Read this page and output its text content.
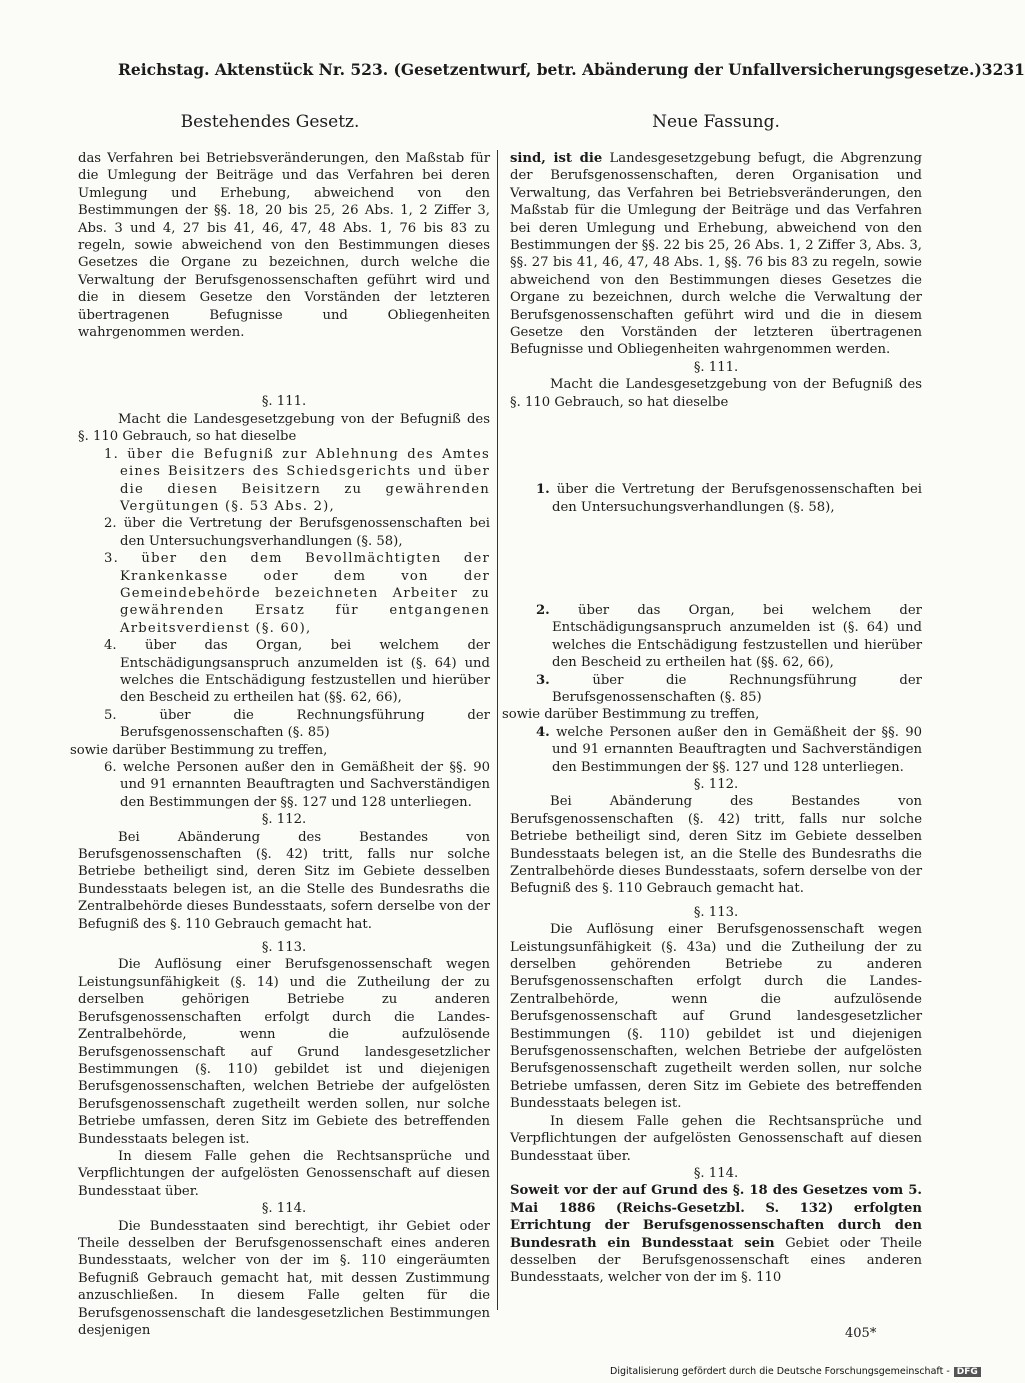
Reichstag. Aktenstück Nr. 523. (Gesetzentwurf, betr. Abänderung der Unfallversicherungsgesetze.) 3231
Bestehendes Gesetz.	Neue Fassung.

das Verfahren bei Betriebsveränderungen, den Maßstab für die Umlegung der Beiträge und das Verfahren bei deren Umlegung und Erhebung, abweichend von den Bestimmungen der §§. 18, 20 bis 25, 26 Abs. 1, 2 Ziffer 3, Abs. 3 und 4, 27 bis 41, 46, 47, 48 Abs. 1, 76 bis 83 zu regeln, sowie abweichend von den Bestimmungen dieses Gesetzes die Organe zu bezeichnen, durch welche die Verwaltung der Berufsgenossenschaften geführt wird und die in diesem Gesetze den Vorständen der letzteren übertragenen Befugnisse und Obliegenheiten wahrgenommen werden.

§. 111.

Macht die Landesgesetzgebung von der Befugniß des §. 110 Gebrauch, so hat dieselbe

1. über die Befugniß zur Ablehnung des Amtes eines Beisitzers des Schiedsgerichts und über die diesen Beisitzern zu gewährenden Vergütungen (§. 53 Abs. 2),

2. über die Vertretung der Berufsgenossenschaften bei den Untersuchungsverhandlungen (§. 58),

3. über den dem Bevollmächtigten der Krankenkasse oder dem von der Gemeindebehörde bezeichneten Arbeiter zu gewährenden Ersatz für entgangenen Arbeitsverdienst (§. 60),

4. über das Organ, bei welchem der Entschädigungsanspruch anzumelden ist (§. 64) und welches die Entschädigung festzustellen und hierüber den Bescheid zu ertheilen hat (§§. 62, 66),

5.	über die Rechnungsführung der Berufsgenossenschaften (§. 85)

sowie darüber Bestimmung zu treffen,

6. welche Personen außer den in Gemäßheit der §§. 90 und 91 ernannten Beauftragten und Sachverständigen den Bestimmungen der §§. 127 und 128 unterliegen.

§. 112.

Bei Abänderung des Bestandes von Berufsgenossenschaften (§. 42) tritt, falls nur solche Betriebe betheiligt sind, deren Sitz im Gebiete desselben Bundesstaats belegen ist, an die Stelle des Bundesraths die Zentralbehörde dieses Bundesstaats, sofern derselbe von der Befugniß des §. 110 Gebrauch gemacht hat.

§. 113.

Die Auflösung einer Berufsgenossenschaft wegen Leistungsunfähigkeit (§. 14) und die Zutheilung der zu derselben gehörigen Betriebe zu anderen Berufsgenossenschaften erfolgt durch die Landes-Zentralbehörde, wenn die aufzulösende Berufsgenossenschaft auf Grund landesgesetzlicher Bestimmungen (§. 110) gebildet ist und diejenigen Berufsgenossenschaften, welchen Betriebe der aufgelösten Berufsgenossenschaft zugetheilt werden sollen, nur solche Betriebe umfassen, deren Sitz im Gebiete des betreffenden Bundesstaats belegen ist.

In diesem Falle gehen die Rechtsansprüche und Verpflichtungen der aufgelösten Genossenschaft auf diesen Bundesstaat über.

§. 114.

Die Bundesstaaten sind berechtigt, ihr Gebiet oder Theile desselben der Berufsgenossenschaft eines anderen Bundesstaats, welcher von der im §. 110 eingeräumten Befugniß Gebrauch gemacht hat, mit dessen Zustimmung anzuschließen. In diesem Falle gelten für die Berufsgenossenschaft die landesgesetzlichen Bestimmungen desjenigen

sind, ist die Landesgesetzgebung befugt, die Abgrenzung der Berufsgenossenschaften, deren Organisation und Verwaltung, das Verfahren bei Betriebsveränderungen, den Maßstab für die Umlegung der Beiträge und das Verfahren bei deren Umlegung und Erhebung, abweichend von den Bestimmungen der §§. 22 bis 25, 26 Abs. 1, 2 Ziffer 3, Abs. 3, §§. 27 bis 41, 46, 47, 48 Abs. 1, §§. 76 bis 83 zu regeln, sowie abweichend von den Bestimmungen dieses Gesetzes die Organe zu bezeichnen, durch welche die Verwaltung der Berufsgenossenschaften geführt wird und die in diesem Gesetze den Vorständen der letzteren übertragenen Befugnisse und Obliegenheiten wahrgenommen werden.

§. 111.

Macht die Landesgesetzgebung von der Befugniß des §. 110 Gebrauch, so hat dieselbe

1. über die Vertretung der Berufsgenossenschaften bei den Untersuchungsverhandlungen (§. 58),

2. über das Organ, bei welchem der Entschädigungsanspruch anzumelden ist (§. 64) und welches die Entschädigung festzustellen und hierüber den Bescheid zu ertheilen hat (§§. 62, 66),

3.	über die Rechnungsführung der Berufsgenossenschaften (§. 85)

sowie darüber Bestimmung zu treffen,

4. welche Personen außer den in Gemäßheit der §§. 90 und 91 ernannten Beauftragten und Sachverständigen den Bestimmungen der §§. 127 und 128 unterliegen.

§. 112.

Bei Abänderung des Bestandes von Berufsgenossenschaften (§. 42) tritt, falls nur solche Betriebe betheiligt sind, deren Sitz im Gebiete desselben Bundesstaats belegen ist, an die Stelle des Bundesraths die Zentralbehörde dieses Bundesstaats, sofern derselbe von der Befugniß des §. 110 Gebrauch gemacht hat.

§. 113.

Die Auflösung einer Berufsgenossenschaft wegen Leistungsunfähigkeit (§. 43a) und die Zutheilung der zu derselben gehörenden Betriebe zu anderen Berufsgenossenschaften erfolgt durch die Landes-Zentralbehörde, wenn die aufzulösende Berufsgenossenschaft auf Grund landesgesetzlicher Bestimmungen (§. 110) gebildet ist und diejenigen Berufsgenossenschaften, welchen Betriebe der aufgelösten Berufsgenossenschaft zugetheilt werden sollen, nur solche Betriebe umfassen, deren Sitz im Gebiete des betreffenden Bundesstaats belegen ist.

In diesem Falle gehen die Rechtsansprüche und Verpflichtungen der aufgelösten Genossenschaft auf diesen Bundesstaat über.

§. 114.

Soweit vor der auf Grund des §. 18 des Gesetzes vom 5. Mai 1886 (Reichs-Gesetzbl. S. 132) erfolgten Errichtung der Berufsgenossenschaften durch den Bundesrath ein Bundesstaat sein Gebiet oder Theile desselben der Berufsgenossenschaft eines anderen Bundesstaats, welcher von der im §. 110

405*
Digitalisierung gefördert durch die Deutsche Forschungsgemeinschaft - DFG
